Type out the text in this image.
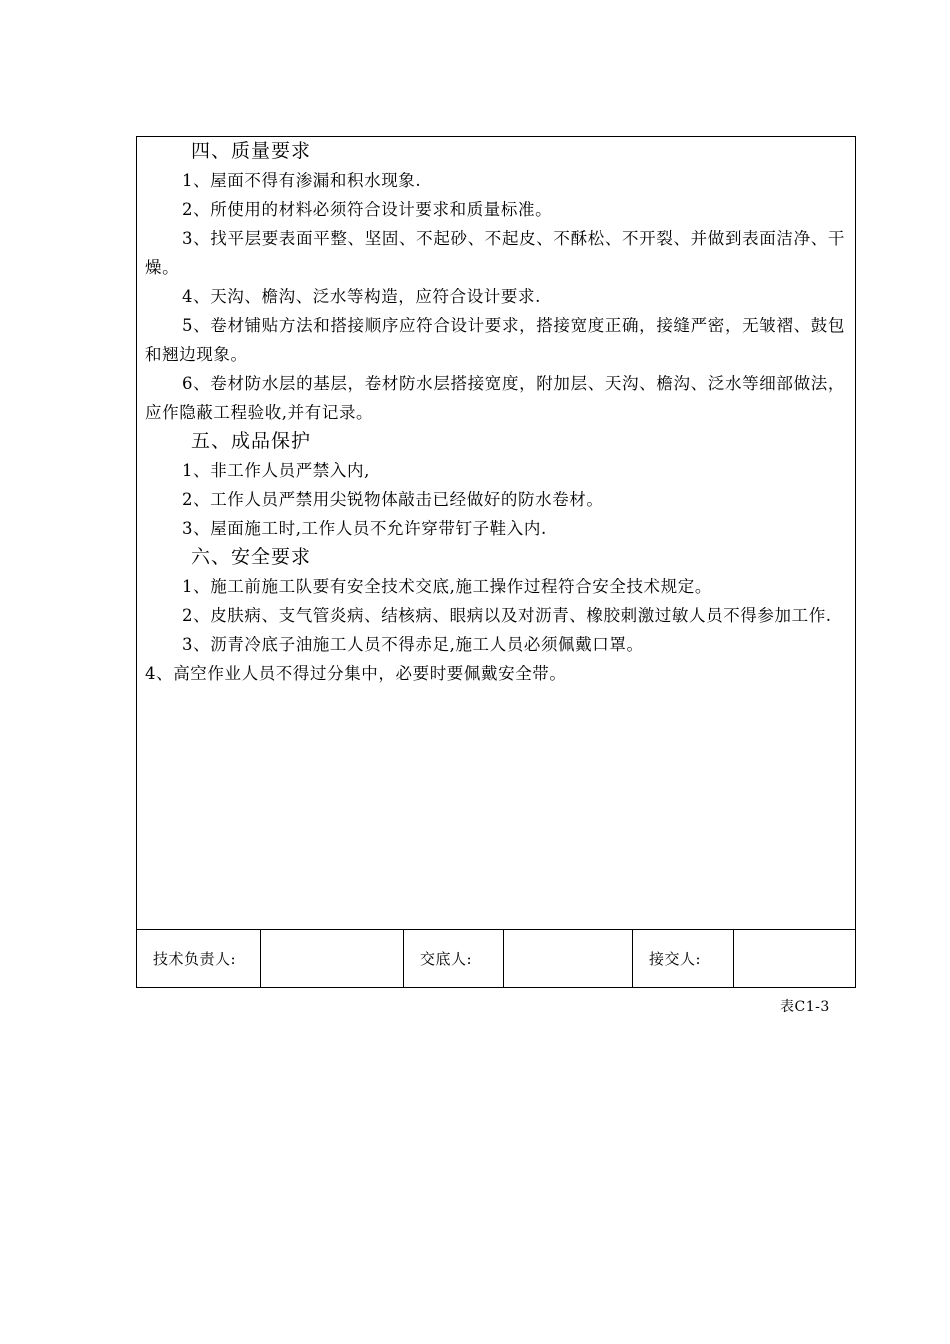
四、质量要求

1、屋面不得有渗漏和积水现象.

2、所使用的材料必须符合设计要求和质量标准。

3、找平层要表面平整、坚固、不起砂、不起皮、不酥松、不开裂、并做到表面洁净、干燥。

4、天沟、檐沟、泛水等构造，应符合设计要求.

5、卷材铺贴方法和搭接顺序应符合设计要求，搭接宽度正确，接缝严密，无皱褶、鼓包和翘边现象。

6、卷材防水层的基层，卷材防水层搭接宽度，附加层、天沟、檐沟、泛水等细部做法，应作隐蔽工程验收,并有记录。

五、成品保护

1、非工作人员严禁入内,

2、工作人员严禁用尖锐物体敲击已经做好的防水卷材。

3、屋面施工时,工作人员不允许穿带钉子鞋入内.

六、安全要求

1、施工前施工队要有安全技术交底,施工操作过程符合安全技术规定。

2、皮肤病、支气管炎病、结核病、眼病以及对沥青、橡胶刺激过敏人员不得参加工作.

3、沥青冷底子油施工人员不得赤足,施工人员必须佩戴口罩。

4、高空作业人员不得过分集中，必要时要佩戴安全带。

技术负责人:	交底人:	接交人:
表C1-3
